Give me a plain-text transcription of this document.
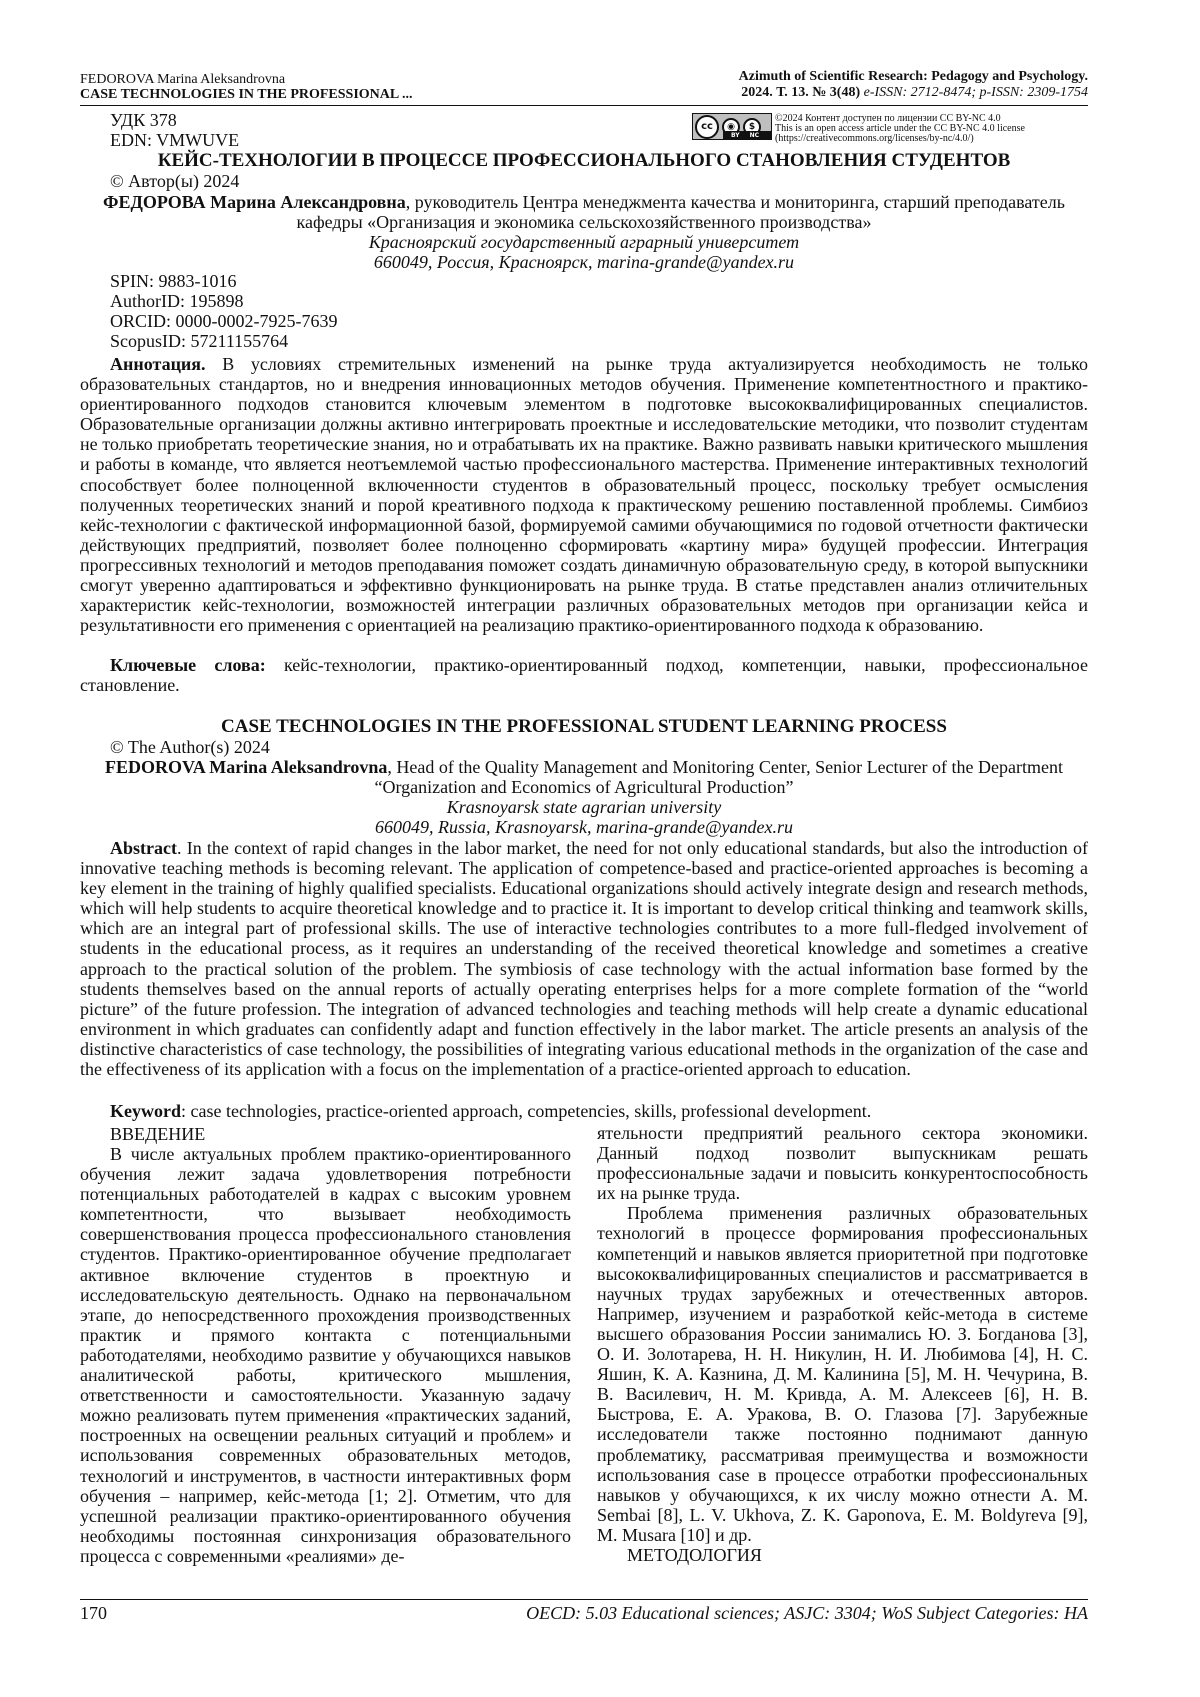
FEDOROVA Marina Aleksandrovna
CASE TECHNOLOGIES IN THE PROFESSIONAL ...
Azimuth of Scientific Research: Pedagogy and Psychology.
2024. Т. 13. № 3(48) e-ISSN: 2712-8474; p-ISSN: 2309-1754
cc	◉	$
BY NC
©2024 Контент доступен по лицензии CC BY-NC 4.0
This is an open access article under the CC BY-NC 4.0 license
(https://creativecommons.org/licenses/by-nc/4.0/)
УДК 378
EDN: VMWUVE
КЕЙС-ТЕХНОЛОГИИ В ПРОЦЕССЕ ПРОФЕССИОНАЛЬНОГО СТАНОВЛЕНИЯ СТУДЕНТОВ
© Автор(ы) 2024
ФЕДОРОВА Марина Александровна, руководитель Центра менеджмента качества и мониторинга, старший преподаватель кафедры «Организация и экономика сельскохозяйственного производства»
Красноярский государственный аграрный университет
660049, Россия, Красноярск, marina-grande@yandex.ru
SPIN: 9883-1016
AuthorID: 195898
ORCID: 0000-0002-7925-7639
ScopusID: 57211155764
Аннотация. В условиях стремительных изменений на рынке труда актуализируется необходимость не только образовательных стандартов, но и внедрения инновационных методов обучения. Применение компетентностного и практико-ориентированного подходов становится ключевым элементом в подготовке высококвалифицированных специалистов. Образовательные организации должны активно интегрировать проектные и исследовательские методики, что позволит студентам не только приобретать теоретические знания, но и отрабатывать их на практике. Важно развивать навыки критического мышления и работы в команде, что является неотъемлемой частью профессионального мастерства. Применение интерактивных технологий способствует более полноценной включенности студентов в образовательный процесс, поскольку требует осмысления полученных теоретических знаний и порой креативного подхода к практическому решению поставленной проблемы. Симбиоз кейс-технологии с фактической информационной базой, формируемой самими обучающимися по годовой отчетности фактически действующих предприятий, позволяет более полноценно сформировать «картину мира» будущей профессии. Интеграция прогрессивных технологий и методов преподавания поможет создать динамичную образовательную среду, в которой выпускники смогут уверенно адаптироваться и эффективно функционировать на рынке труда. В статье представлен анализ отличительных характеристик кейс-технологии, возможностей интеграции различных образовательных методов при организации кейса и результативности его применения с ориентацией на реализацию практико-ориентированного подхода к образованию.
Ключевые слова: кейс-технологии, практико-ориентированный подход, компетенции, навыки, профессиональное становление.
CASE TECHNOLOGIES IN THE PROFESSIONAL STUDENT LEARNING PROCESS
© The Author(s) 2024
FEDOROVA Marina Aleksandrovna, Head of the Quality Management and Monitoring Center, Senior Lecturer of the Department “Organization and Economics of Agricultural Production”
Krasnoyarsk state agrarian university
660049, Russia, Krasnoyarsk, marina-grande@yandex.ru
Abstract. In the context of rapid changes in the labor market, the need for not only educational standards, but also the introduction of innovative teaching methods is becoming relevant. The application of competence-based and practice-oriented approaches is becoming a key element in the training of highly qualified specialists. Educational organizations should actively integrate design and research methods, which will help students to acquire theoretical knowledge and to practice it. It is important to develop critical thinking and teamwork skills, which are an integral part of professional skills. The use of interactive technologies contributes to a more full-fledged involvement of students in the educational process, as it requires an understanding of the received theoretical knowledge and sometimes a creative approach to the practical solution of the problem. The symbiosis of case technology with the actual information base formed by the students themselves based on the annual reports of actually operating enterprises helps for a more complete formation of the “world picture” of the future profession. The integration of advanced technologies and teaching methods will help create a dynamic educational environment in which graduates can confidently adapt and function effectively in the labor market. The article presents an analysis of the distinctive characteristics of case technology, the possibilities of integrating various educational methods in the organization of the case and the effectiveness of its application with a focus on the implementation of a practice-oriented approach to education.
Keyword: case technologies, practice-oriented approach, competencies, skills, professional development.
ВВЕДЕНИЕ

В числе актуальных проблем практико-ориентированного обучения лежит задача удовлетворения потребности потенциальных работодателей в кадрах с высоким уровнем компетентности, что вызывает необходимость совершенствования процесса профессионального становления студентов. Практико-ориентированное обучение предполагает активное включение студентов в проектную и исследовательскую деятельность. Однако на первоначальном этапе, до непосредственного прохождения производственных практик и прямого контакта с потенциальными работодателями, необходимо развитие у обучающихся навыков аналитической работы, критического мышления, ответственности и самостоятельности. Указанную задачу можно реализовать путем применения «практических заданий, построенных на освещении реальных ситуаций и проблем» и использования современных образовательных методов, технологий и инструментов, в частности интерактивных форм обучения – например, кейс-метода [1; 2]. Отметим, что для успешной реализации практико-ориентированного обучения необходимы постоянная синхронизация образовательного процесса с современными «реалиями» де-

ятельности предприятий реального сектора экономики. Данный подход позволит выпускникам решать профессиональные задачи и повысить конкурентоспособность их на рынке труда.

Проблема применения различных образовательных технологий в процессе формирования профессиональных компетенций и навыков является приоритетной при подготовке высококвалифицированных специалистов и рассматривается в научных трудах зарубежных и отечественных авторов. Например, изучением и разработкой кейс-метода в системе высшего образования России занимались Ю. З. Богданова [3], О. И. Золотарева, Н. Н. Никулин, Н. И. Любимова [4], Н. С. Яшин, К. А. Казнина, Д. М. Калинина [5], М. Н. Чечурина, В. В. Василевич, Н. М. Кривда, А. М. Алексеев [6], Н. В. Быстрова, Е. А. Уракова, В. О. Глазова [7]. Зарубежные исследователи также постоянно поднимают данную проблематику, рассматривая преимущества и возможности использования case в процессе отработки профессиональных навыков у обучающихся, к их числу можно отнести A. M. Sembai [8], L. V. Ukhova, Z. K. Gaponova, E. M. Boldyreva [9], M. Musara [10] и др.

МЕТОДОЛОГИЯ

170	OECD: 5.03 Educational sciences; ASJC: 3304; WoS Subject Categories: HA
